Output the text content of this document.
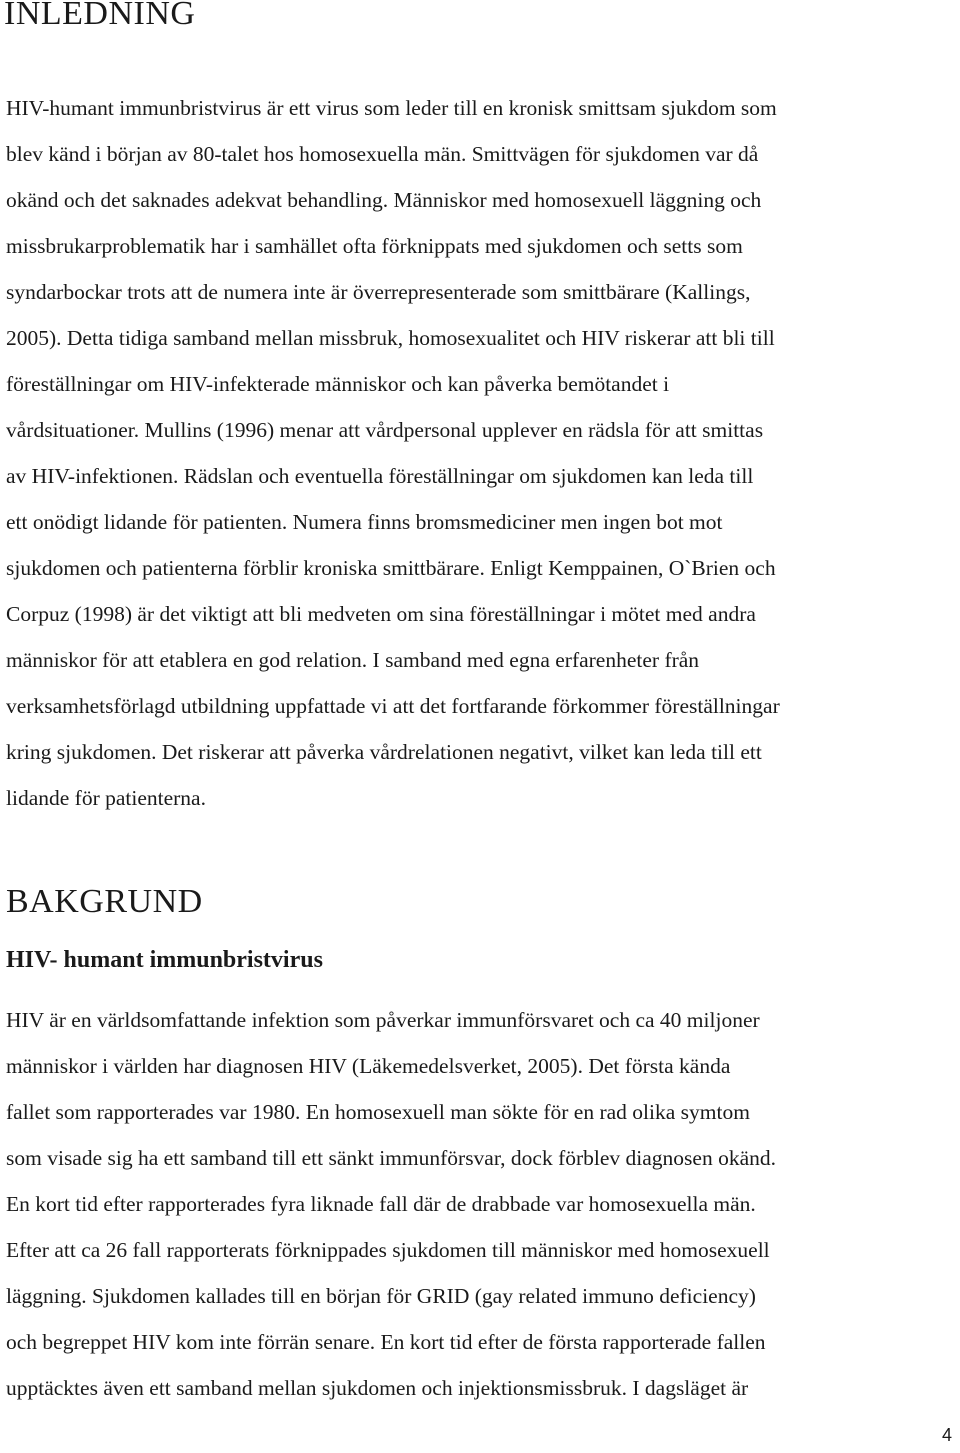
INLEDNING

HIV-humant immunbristvirus är ett virus som leder till en kronisk smittsam sjukdom som
blev känd i början av 80-talet hos homosexuella män. Smittvägen för sjukdomen var då
okänd och det saknades adekvat behandling. Människor med homosexuell läggning och
missbrukarproblematik har i samhället ofta förknippats med sjukdomen och setts som
syndarbockar trots att de numera inte är överrepresenterade som smittbärare (Kallings,
2005). Detta tidiga samband mellan missbruk, homosexualitet och HIV riskerar att bli till
föreställningar om HIV-infekterade människor och kan påverka bemötandet i
vårdsituationer. Mullins (1996) menar att vårdpersonal upplever en rädsla för att smittas
av HIV-infektionen. Rädslan och eventuella föreställningar om sjukdomen kan leda till
ett onödigt lidande för patienten. Numera finns bromsmediciner men ingen bot mot
sjukdomen och patienterna förblir kroniska smittbärare. Enligt Kemppainen, O`Brien och
Corpuz (1998) är det viktigt att bli medveten om sina föreställningar i mötet med andra
människor för att etablera en god relation. I samband med egna erfarenheter från
verksamhetsförlagd utbildning uppfattade vi att det fortfarande förkommer föreställningar
kring sjukdomen. Det riskerar att påverka vårdrelationen negativt, vilket kan leda till ett
lidande för patienterna.

BAKGRUND
HIV- humant immunbristvirus

HIV är en världsomfattande infektion som påverkar immunförsvaret och ca 40 miljoner
människor i världen har diagnosen HIV (Läkemedelsverket, 2005). Det första kända
fallet som rapporterades var 1980. En homosexuell man sökte för en rad olika symtom
som visade sig ha ett samband till ett sänkt immunförsvar, dock förblev diagnosen okänd.
En kort tid efter rapporterades fyra liknade fall där de drabbade var homosexuella män.
Efter att ca 26 fall rapporterats förknippades sjukdomen till människor med homosexuell
läggning. Sjukdomen kallades till en början för GRID (gay related immuno deficiency)
och begreppet HIV kom inte förrän senare. En kort tid efter de första rapporterade fallen
upptäcktes även ett samband mellan sjukdomen och injektionsmissbruk. I dagsläget är

4
